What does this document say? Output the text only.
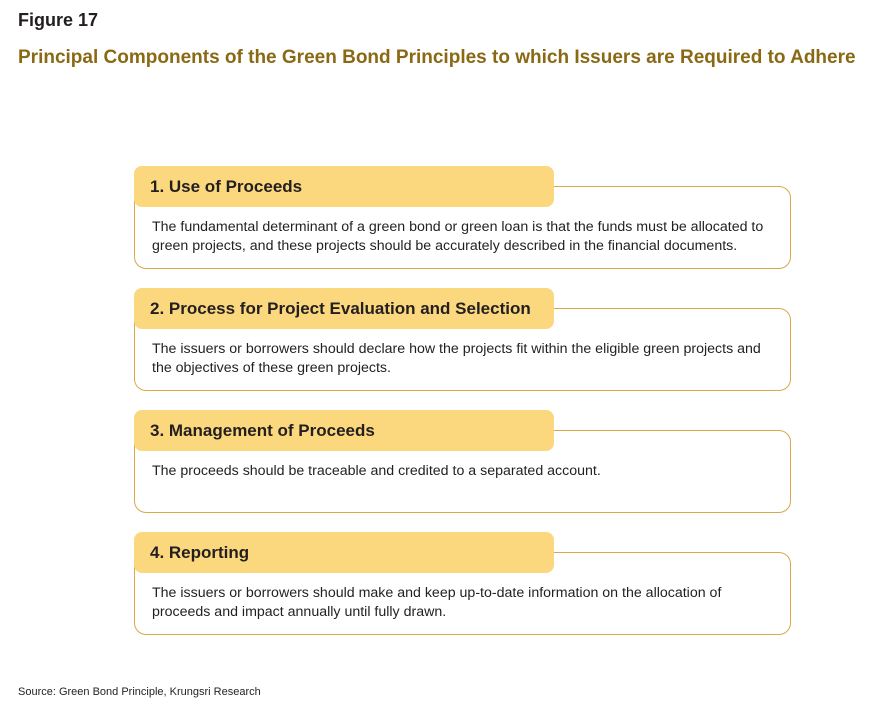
Figure 17
Principal Components of the Green Bond Principles to which Issuers are Required to Adhere
1. Use of Proceeds
The fundamental determinant of a green bond or green loan is that the funds must be allocated to green projects, and these projects should be accurately described in the financial documents.
2. Process for Project Evaluation and Selection
The issuers or borrowers should declare how the projects fit within the eligible green projects and the objectives of these green projects.
3. Management of Proceeds
The proceeds should be traceable and credited to a separated account.
4. Reporting
The issuers or borrowers should make and keep up-to-date information on the allocation of proceeds and impact annually until fully drawn.
Source: Green Bond Principle, Krungsri Research
